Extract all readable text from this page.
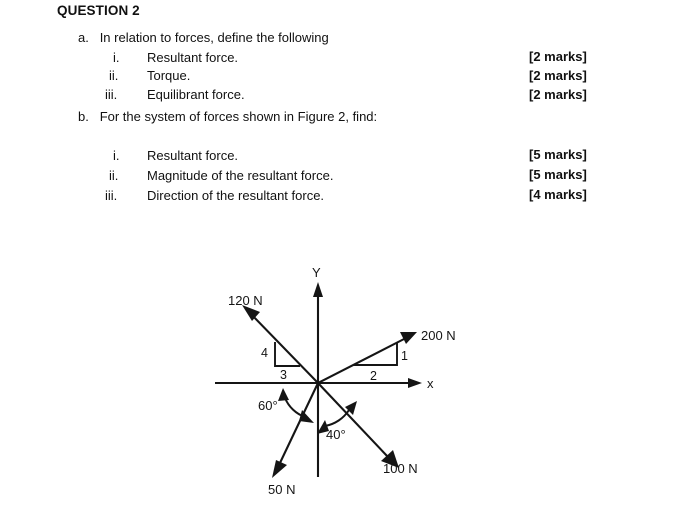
QUESTION 2
a. In relation to forces, define the following
i. Resultant force.	[2 marks]
ii. Torque.	[2 marks]
iii. Equilibrant force.	[2 marks]
b. For the system of forces shown in Figure 2, find:
i. Resultant force.	[5 marks]
ii. Magnitude of the resultant force.	[5 marks]
iii. Direction of the resultant force.	[4 marks]
x
Y
120 N
4
3
200 N
1
2
50 N
60°
100 N
40°
